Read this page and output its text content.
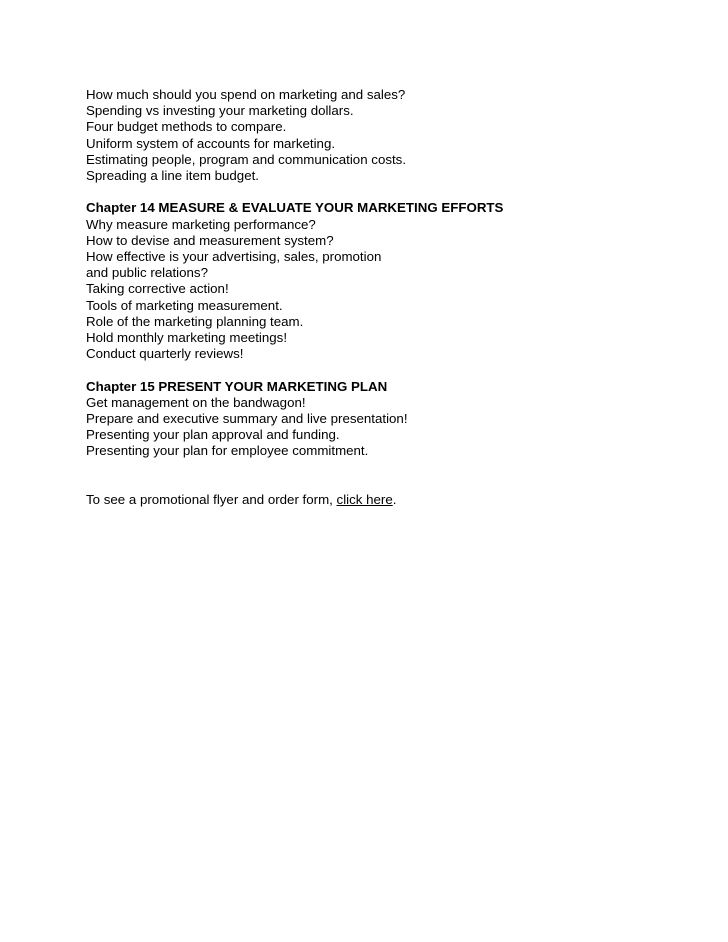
How much should you spend on marketing and sales?
Spending vs investing your marketing dollars.
Four budget methods to compare.
Uniform system of accounts for marketing.
Estimating people, program and communication costs.
Spreading a line item budget.
Chapter 14 MEASURE & EVALUATE YOUR MARKETING EFFORTS
Why measure marketing performance?
How to devise and measurement system?
How effective is your advertising, sales, promotion
and public relations?
Taking corrective action!
Tools of marketing measurement.
Role of the marketing planning team.
Hold monthly marketing meetings!
Conduct quarterly reviews!
Chapter 15 PRESENT YOUR MARKETING PLAN
Get management on the bandwagon!
Prepare and executive summary and live presentation!
Presenting your plan approval and funding.
Presenting your plan for employee commitment.
To see a promotional flyer and order form, click here.
